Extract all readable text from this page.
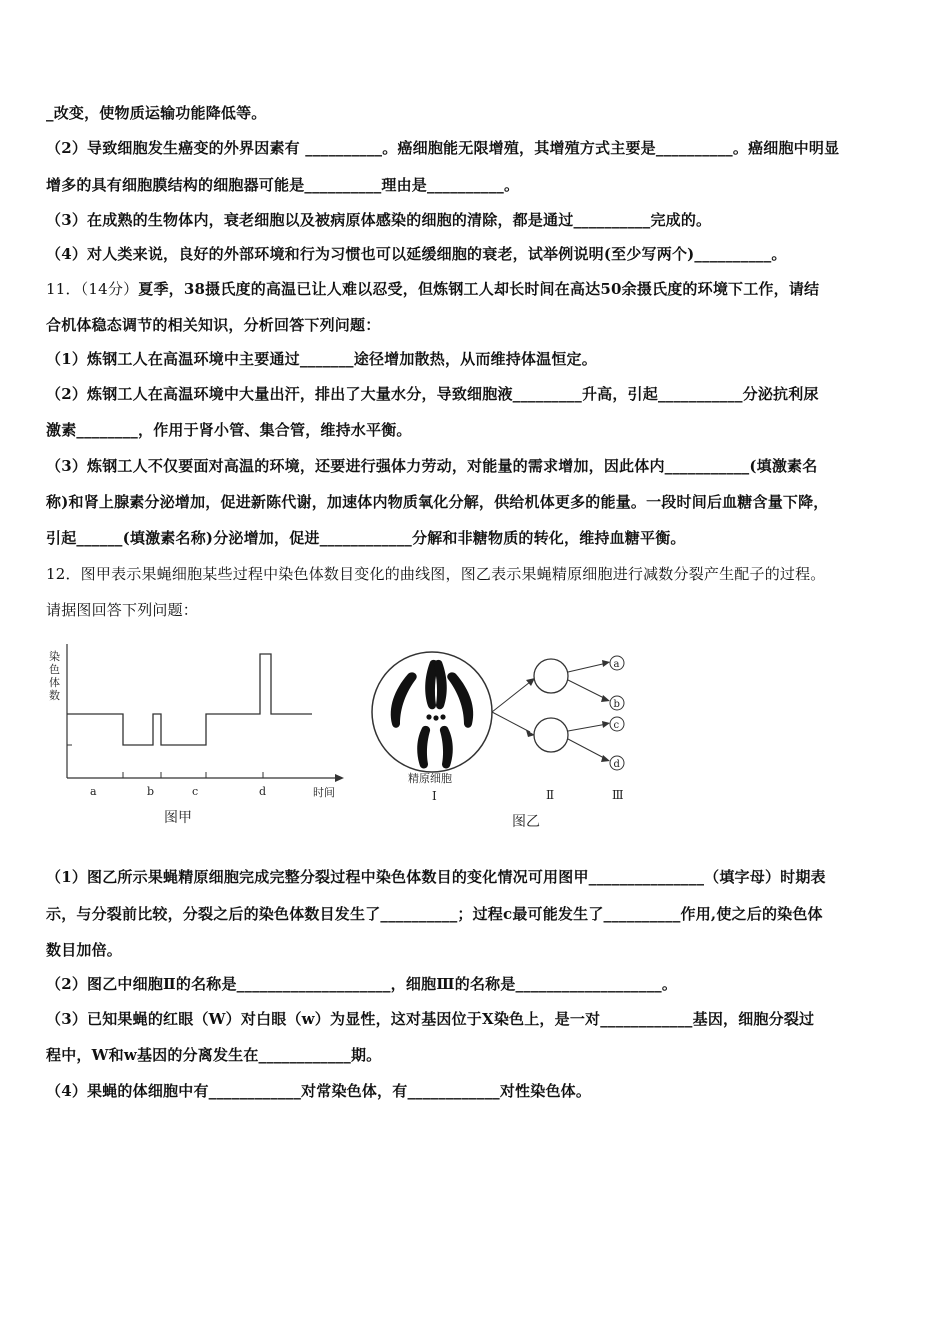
_改变，使物质运输功能降低等。
（2）导致细胞发生癌变的外界因素有 __________。癌细胞能无限增殖，其增殖方式主要是__________。癌细胞中明显
增多的具有细胞膜结构的细胞器可能是__________理由是__________。
（3）在成熟的生物体内，衰老细胞以及被病原体感染的细胞的清除，都是通过__________完成的。
（4）对人类来说，良好的外部环境和行为习惯也可以延缓细胞的衰老，试举例说明(至少写两个)__________。
11．（14分）夏季，38摄氏度的高温已让人难以忍受，但炼钢工人却长时间在高达50余摄氏度的环境下工作，请结
合机体稳态调节的相关知识，分析回答下列问题：
（1）炼钢工人在高温环境中主要通过_______途径增加散热，从而维持体温恒定。
（2）炼钢工人在高温环境中大量出汗，排出了大量水分，导致细胞液_________升高，引起___________分泌抗利尿
激素________，作用于肾小管、集合管，维持水平衡。
（3）炼钢工人不仅要面对高温的环境，还要进行强体力劳动，对能量的需求增加，因此体内___________(填激素名
称)和肾上腺素分泌增加，促进新陈代谢，加速体内物质氧化分解，供给机体更多的能量。一段时间后血糖含量下降，
引起______(填激素名称)分泌增加，促进____________分解和非糖物质的转化，维持血糖平衡。
12．图甲表示果蝇细胞某些过程中染色体数目变化的曲线图，图乙表示果蝇精原细胞进行减数分裂产生配子的过程。
请据图回答下列问题：
染
色
体
数
a	b	c	d	时间
图甲
精原细胞
a
b
c
d
Ⅰ	Ⅱ	Ⅲ
图乙
（1）图乙所示果蝇精原细胞完成完整分裂过程中染色体数目的变化情况可用图甲_______________（填字母）时期表
示，与分裂前比较，分裂之后的染色体数目发生了__________；过程c最可能发生了__________作用,使之后的染色体
数目加倍。
（2）图乙中细胞Ⅱ的名称是____________________，细胞Ⅲ的名称是___________________。
（3）已知果蝇的红眼（W）对白眼（w）为显性，这对基因位于X染色上，是一对____________基因，细胞分裂过
程中，W和w基因的分离发生在____________期。
（4）果蝇的体细胞中有____________对常染色体，有____________对性染色体。
